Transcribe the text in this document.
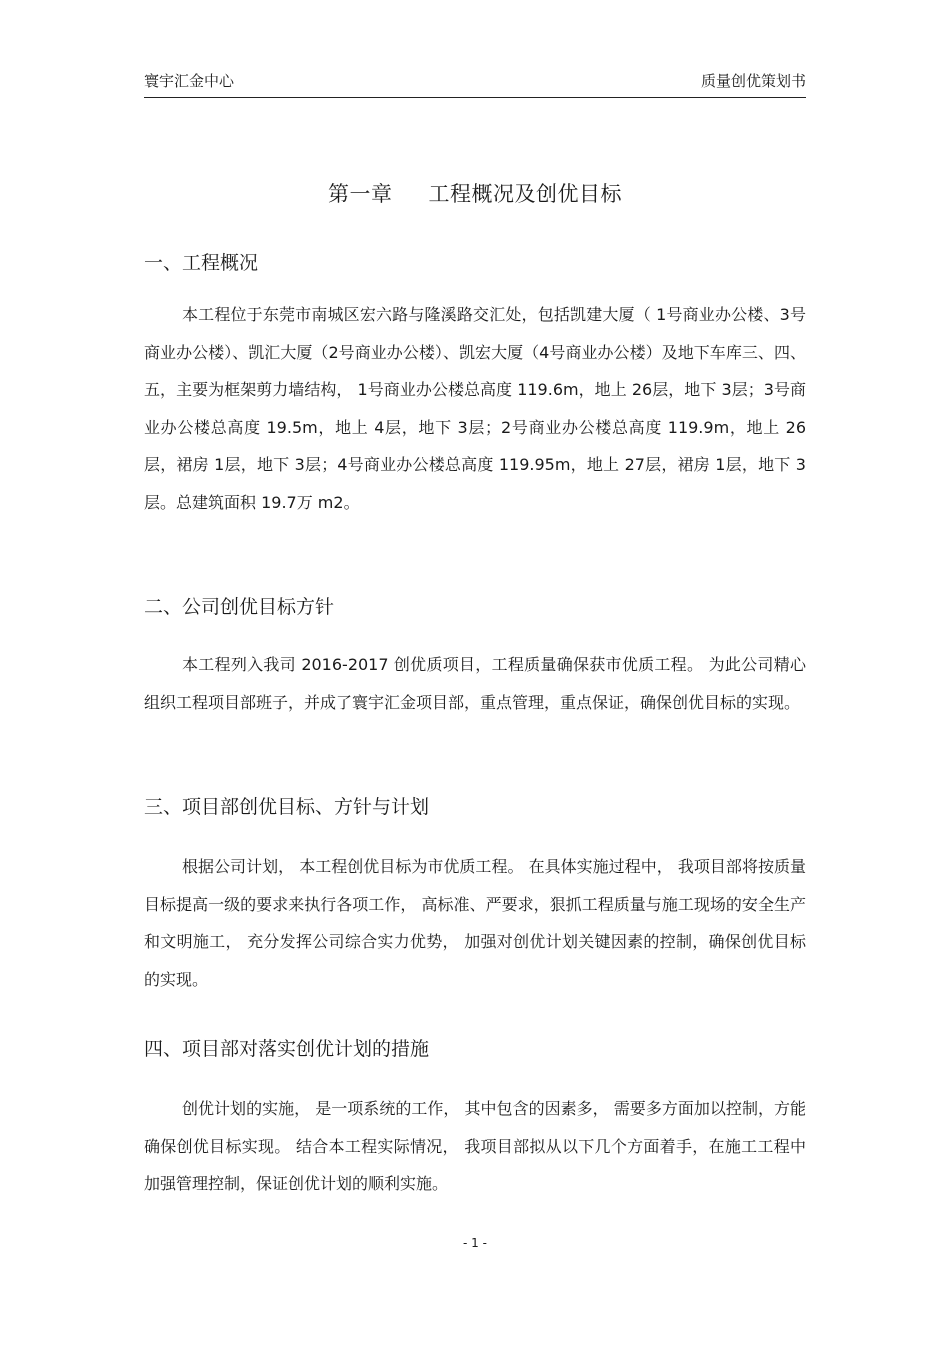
寰宇汇金中心	质量创优策划书
第一章 工程概况及创优目标
一、工程概况

本工程位于东莞市南城区宏六路与隆溪路交汇处，包括凯建大厦（ 1号商业办公楼、3号商业办公楼）、凯汇大厦（2号商业办公楼）、凯宏大厦（4号商业办公楼）及地下车库三、四、五，主要为框架剪力墙结构， 1号商业办公楼总高度 119.6m，地上 26层，地下 3层；3号商业办公楼总高度 19.5m，地上 4层，地下 3层；2号商业办公楼总高度 119.9m，地上 26层，裙房 1层，地下 3层；4号商业办公楼总高度 119.95m，地上 27层，裙房 1层，地下 3层。总建筑面积 19.7万 m2。

二、公司创优目标方针

本工程列入我司 2016-2017 创优质项目，工程质量确保获市优质工程。 为此公司精心组织工程项目部班子，并成了寰宇汇金项目部，重点管理，重点保证，确保创优目标的实现。

三、项目部创优目标、方针与计划

根据公司计划， 本工程创优目标为市优质工程。 在具体实施过程中， 我项目部将按质量目标提高一级的要求来执行各项工作， 高标准、严要求，狠抓工程质量与施工现场的安全生产和文明施工， 充分发挥公司综合实力优势， 加强对创优计划关键因素的控制，确保创优目标的实现。

四、项目部对落实创优计划的措施

创优计划的实施， 是一项系统的工作， 其中包含的因素多， 需要多方面加以控制，方能确保创优目标实现。 结合本工程实际情况， 我项目部拟从以下几个方面着手，在施工工程中加强管理控制，保证创优计划的顺利实施。

- 1 -
